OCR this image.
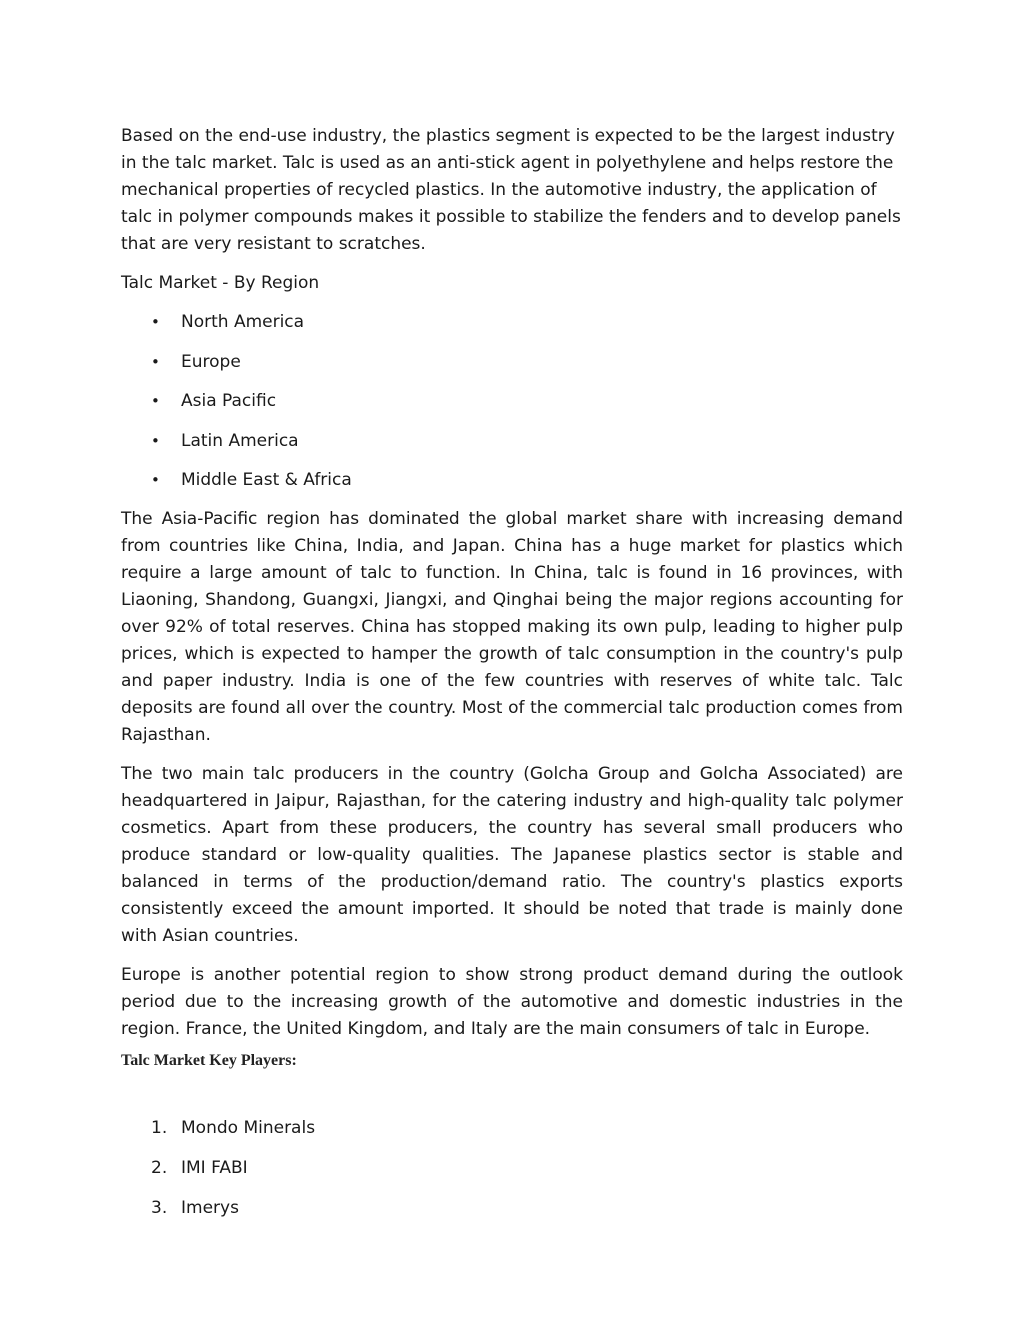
Based on the end-use industry, the plastics segment is expected to be the largest industry in the talc market. Talc is used as an anti-stick agent in polyethylene and helps restore the mechanical properties of recycled plastics. In the automotive industry, the application of talc in polymer compounds makes it possible to stabilize the fenders and to develop panels that are very resistant to scratches.

Talc Market - By Region
• North America
• Europe
• Asia Pacific
• Latin America
• Middle East & Africa

The Asia-Pacific region has dominated the global market share with increasing demand from countries like China, India, and Japan. China has a huge market for plastics which require a large amount of talc to function. In China, talc is found in 16 provinces, with Liaoning, Shandong, Guangxi, Jiangxi, and Qinghai being the major regions accounting for over 92% of total reserves. China has stopped making its own pulp, leading to higher pulp prices, which is expected to hamper the growth of talc consumption in the country's pulp and paper industry. India is one of the few countries with reserves of white talc. Talc deposits are found all over the country. Most of the commercial talc production comes from Rajasthan.

The two main talc producers in the country (Golcha Group and Golcha Associated) are headquartered in Jaipur, Rajasthan, for the catering industry and high-quality talc polymer cosmetics. Apart from these producers, the country has several small producers who produce standard or low-quality qualities. The Japanese plastics sector is stable and balanced in terms of the production/demand ratio. The country's plastics exports consistently exceed the amount imported. It should be noted that trade is mainly done with Asian countries.

Europe is another potential region to show strong product demand during the outlook period due to the increasing growth of the automotive and domestic industries in the region. France, the United Kingdom, and Italy are the main consumers of talc in Europe.

Talc Market Key Players:
1. Mondo Minerals
2. IMI FABI
3. Imerys
